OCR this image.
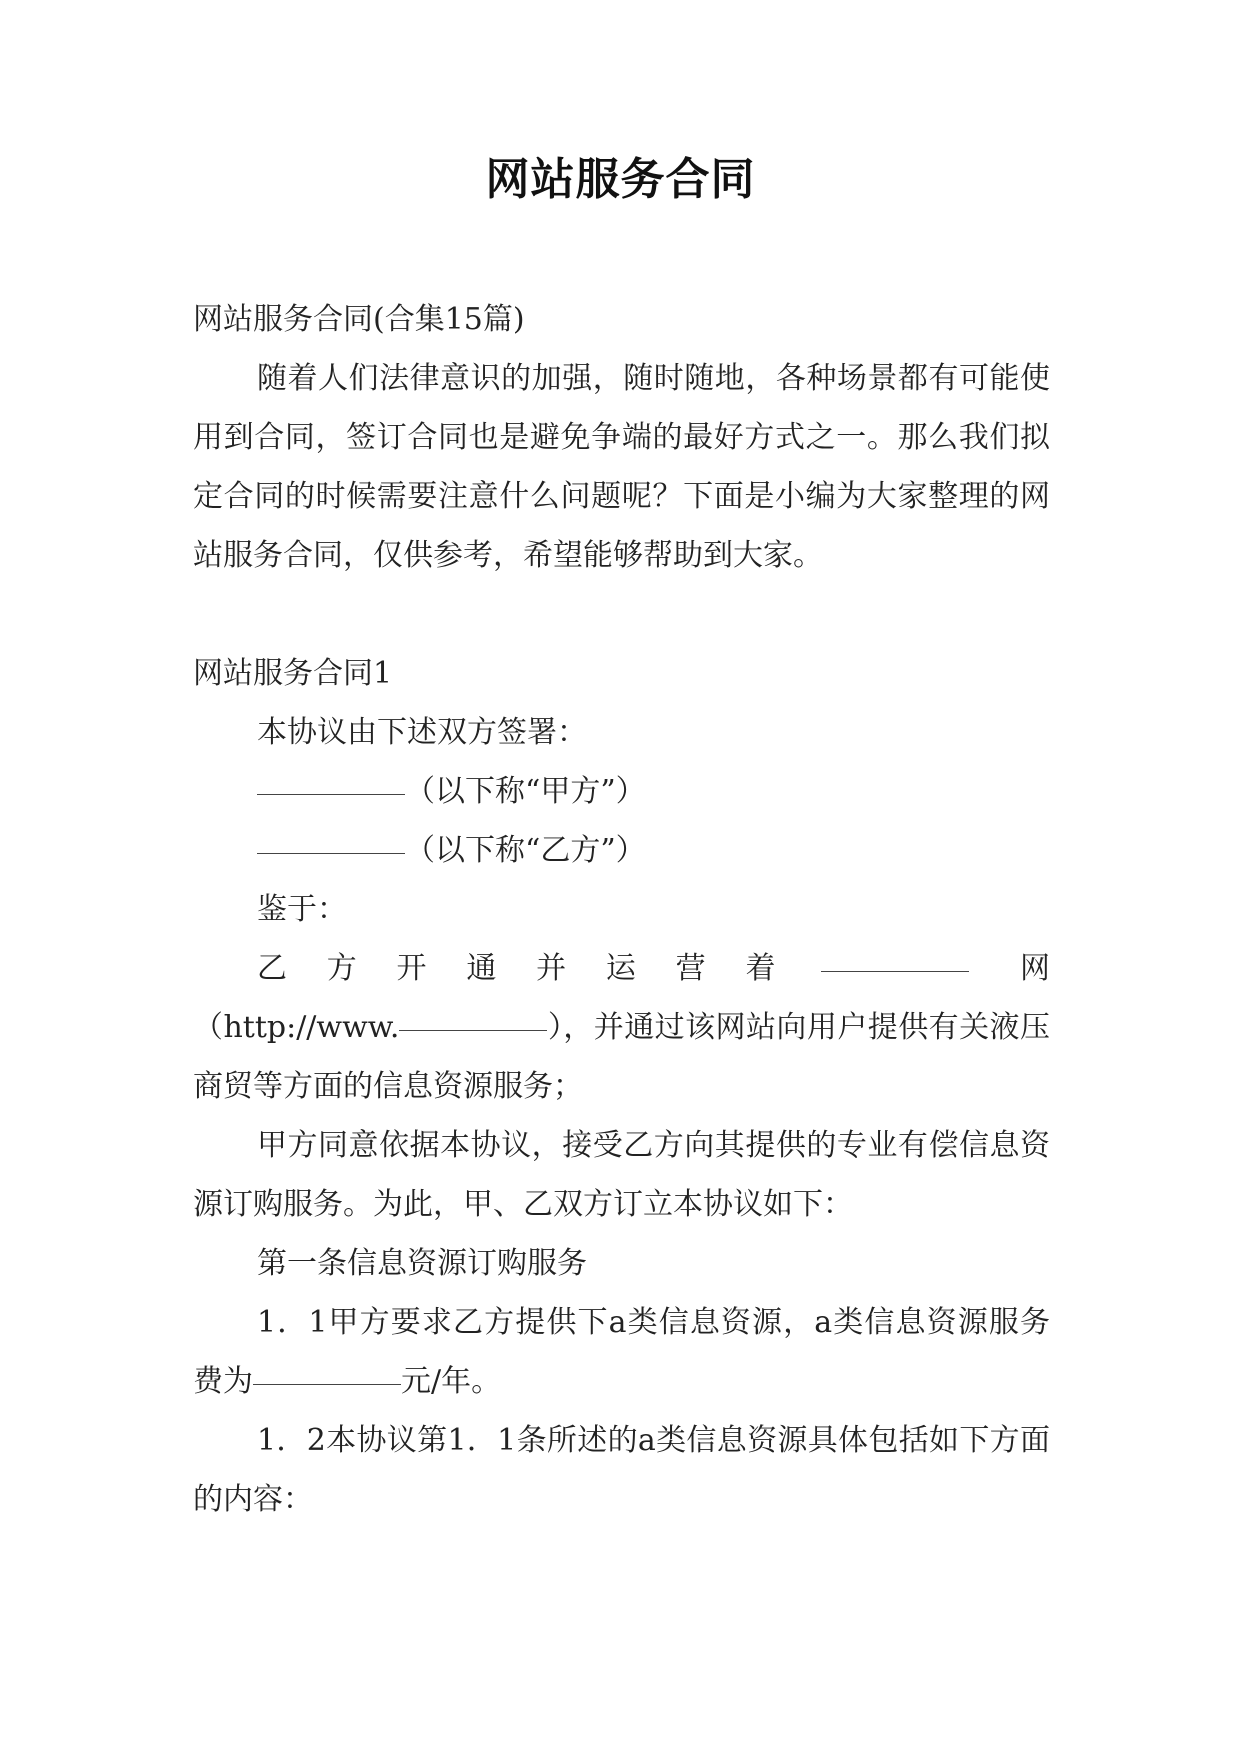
网站服务合同

网站服务合同(合集15篇)

随着人们法律意识的加强，随时随地，各种场景都有可能使用到合同，签订合同也是避免争端的最好方式之一。那么我们拟定合同的时候需要注意什么问题呢？下面是小编为大家整理的网站服务合同，仅供参考，希望能够帮助到大家。

网站服务合同1

本协议由下述双方签署：

（以下称“甲方”）

（以下称“乙方”）

鉴于：

乙方开通并运营着	网（http://www.	），并通过该网站向用户提供有关液压商贸等方面的信息资源服务；

甲方同意依据本协议，接受乙方向其提供的专业有偿信息资源订购服务。为此，甲、乙双方订立本协议如下：

第一条信息资源订购服务

1．1甲方要求乙方提供下a类信息资源，a类信息资源服务费为	元/年。

1．2本协议第1．1条所述的a类信息资源具体包括如下方面的内容：
